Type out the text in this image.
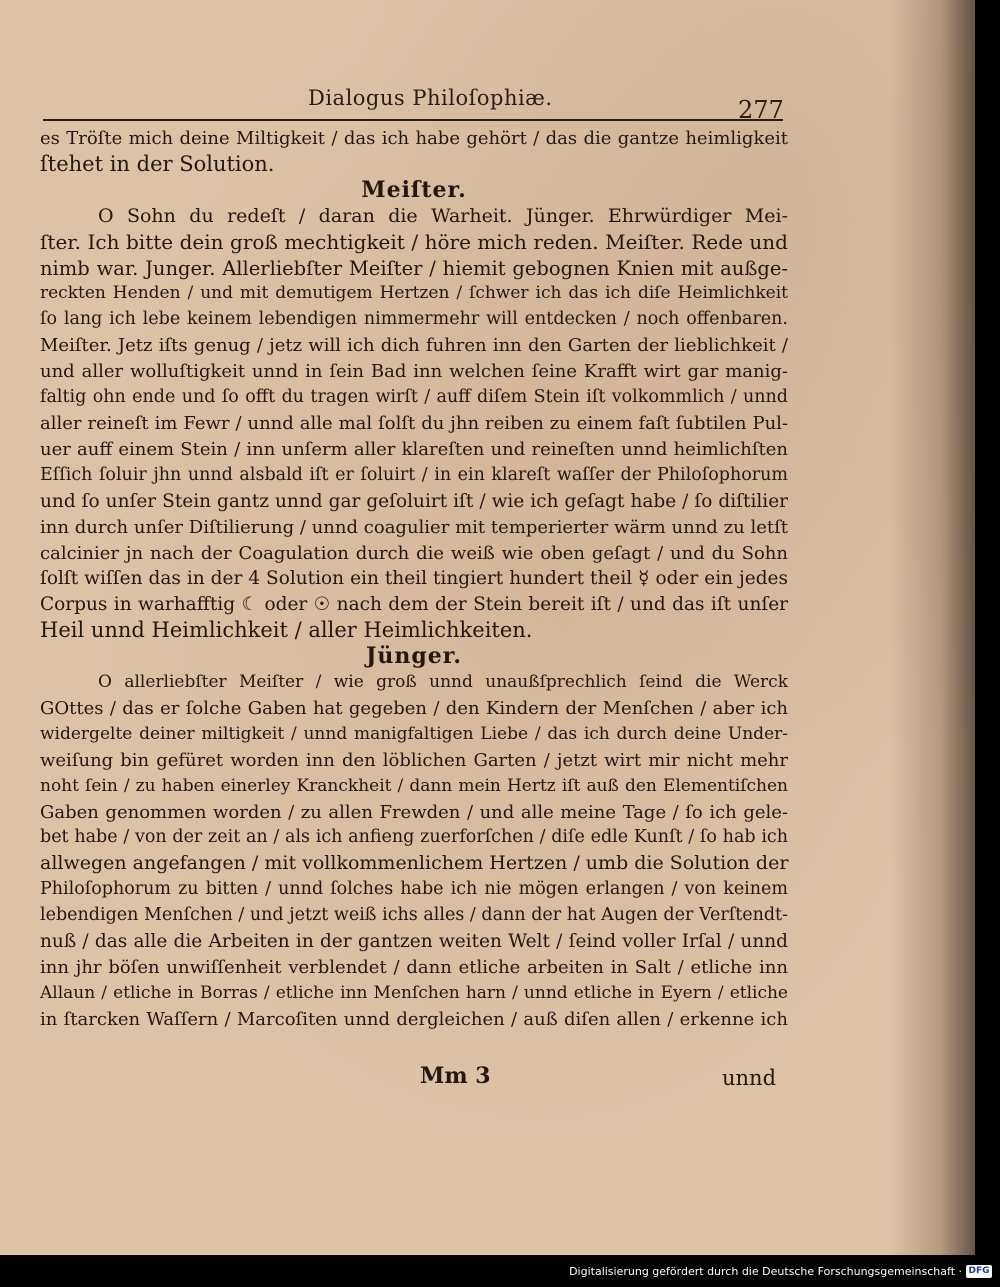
Dialogus Philoſophiæ.	277

es Tröſte mich deine Miltigkeit / das ich habe gehört / das die gantze heimligkeit
ſtehet in der Solution.

Meiſter.

O Sohn du redeſt / daran die Warheit. Jünger. Ehrwürdiger Mei-
ſter. Ich bitte dein groß mechtigkeit / höre mich reden. Meiſter. Rede und
nimb war. Junger. Allerliebſter Meiſter / hiemit gebognen Knien mit außge-
reckten Henden / und mit demutigem Hertzen / ſchwer ich das ich diſe Heimlichkeit
ſo lang ich lebe keinem lebendigen nimmermehr will entdecken / noch offenbaren.
Meiſter. Jetz iſts genug / jetz will ich dich fuhren inn den Garten der lieblichkeit /
und aller wolluſtigkeit unnd in ſein Bad inn welchen ſeine Krafft wirt gar manig-
faltig ohn ende und ſo offt du tragen wirſt / auff diſem Stein iſt volkommlich / unnd
aller reineſt im Fewr / unnd alle mal ſolſt du jhn reiben zu einem faſt ſubtilen Pul-
uer auff einem Stein / inn unſerm aller klareſten und reineſten unnd heimlichſten
Eſſich ſoluir jhn unnd alsbald iſt er ſoluirt / in ein klareſt waſſer der Philoſophorum
und ſo unſer Stein gantz unnd gar geſoluirt iſt / wie ich geſagt habe / ſo diſtilier
inn durch unſer Diſtilierung / unnd coagulier mit temperierter wärm unnd zu letſt
calcinier jn nach der Coagulation durch die weiß wie oben geſagt / und du Sohn
ſolſt wiſſen das in der 4 Solution ein theil tingiert hundert theil ☿ oder ein jedes
Corpus in warhafftig ☾ oder ☉ nach dem der Stein bereit iſt / und das iſt unſer
Heil unnd Heimlichkeit / aller Heimlichkeiten.

Jünger.

O allerliebſter Meiſter / wie groß unnd unaußſprechlich ſeind die Werck
GOttes / das er ſolche Gaben hat gegeben / den Kindern der Menſchen / aber ich
widergelte deiner miltigkeit / unnd manigfaltigen Liebe / das ich durch deine Under-
weiſung bin gefüret worden inn den löblichen Garten / jetzt wirt mir nicht mehr
noht ſein / zu haben einerley Kranckheit / dann mein Hertz iſt auß den Elementiſchen
Gaben genommen worden / zu allen Frewden / und alle meine Tage / ſo ich gele-
bet habe / von der zeit an / als ich anfieng zuerforſchen / diſe edle Kunſt / ſo hab ich
allwegen angefangen / mit vollkommenlichem Hertzen / umb die Solution der
Philoſophorum zu bitten / unnd ſolches habe ich nie mögen erlangen / von keinem
lebendigen Menſchen / und jetzt weiß ichs alles / dann der hat Augen der Verſtendt-
nuß / das alle die Arbeiten in der gantzen weiten Welt / ſeind voller Irſal / unnd
inn jhr böſen unwiſſenheit verblendet / dann etliche arbeiten in Salt / etliche inn
Allaun / etliche in Borras / etliche inn Menſchen harn / unnd etliche in Eyern / etliche
in ſtarcken Waſſern / Marcoſiten unnd dergleichen / auß diſen allen / erkenne ich

Mm 3	unnd
Digitalisierung gefördert durch die Deutsche Forschungsgemeinschaft · DFG
